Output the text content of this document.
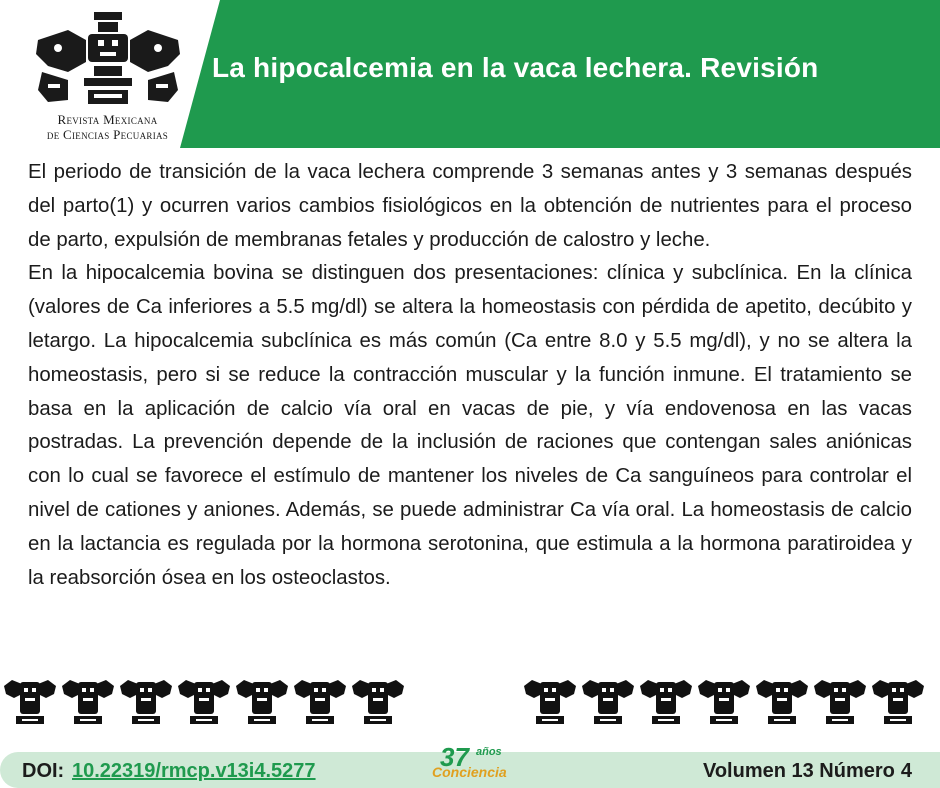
Revista Mexicana
de Ciencias Pecuarias
La hipocalcemia en la vaca lechera. Revisión

El periodo de transición de la vaca lechera comprende 3 semanas antes y 3 semanas después del parto(1) y ocurren varios cambios fisiológicos en la obtención de nutrientes para el proceso de parto, expulsión de membranas fetales y producción de calostro y leche.

En la hipocalcemia bovina se distinguen dos presentaciones: clínica y subclínica. En la clínica (valores de Ca inferiores a 5.5 mg/dl) se altera la homeostasis con pérdida de apetito, decúbito y letargo. La hipocalcemia subclínica es más común (Ca entre 8.0 y 5.5 mg/dl), y no se altera la homeostasis, pero si se reduce la contracción muscular y la función inmune. El tratamiento se basa en la aplicación de calcio vía oral en vacas de pie, y vía endovenosa en las vacas postradas. La prevención depende de la inclusión de raciones que contengan sales aniónicas con lo cual se favorece el estímulo de mantener los niveles de Ca sanguíneos para controlar el nivel de cationes y aniones. Además, se puede administrar Ca vía oral. La homeostasis de calcio en la lactancia es regulada por la hormona serotonina, que estimula a la hormona paratiroidea y la reabsorción ósea en los osteoclastos.

DOI: 10.22319/rmcp.v13i4.5277	37 años
Conciencia	Volumen 13 Número 4
